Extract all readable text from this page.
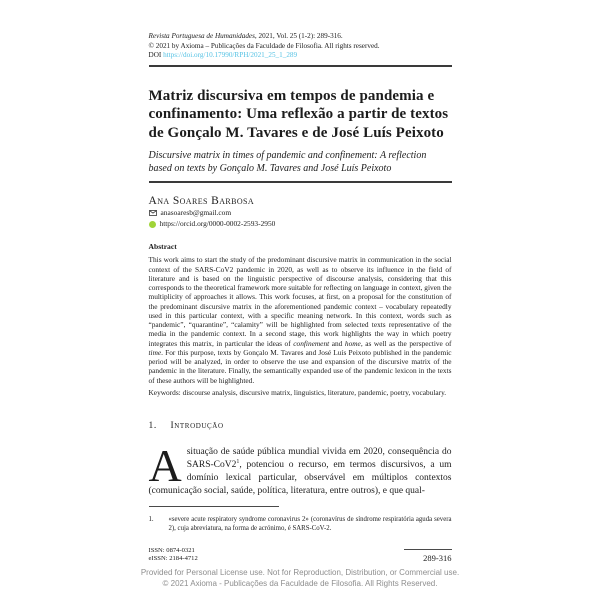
Revista Portuguesa de Humanidades, 2021, Vol. 25 (1-2): 289-316.
© 2021 by Axioma – Publicações da Faculdade de Filosofia. All rights reserved.
DOI https://doi.org/10.17990/RPH/2021_25_1_289
Matriz discursiva em tempos de pandemia e confinamento: Uma reflexão a partir de textos de Gonçalo M. Tavares e de José Luís Peixoto
Discursive matrix in times of pandemic and confinement: A reflection based on texts by Gonçalo M. Tavares and José Luís Peixoto
Ana Soares Barbosa
anasoaresb@gmail.com
https://orcid.org/0000-0002-2593-2950
Abstract

This work aims to start the study of the predominant discursive matrix in communication in the social context of the SARS-CoV2 pandemic in 2020, as well as to observe its influence in the field of literature and is based on the linguistic perspective of discourse analysis, considering that this corresponds to the theoretical framework more suitable for reflecting on language in context, given the multiplicity of approaches it allows. This work focuses, at first, on a proposal for the constitution of the predominant discursive matrix in the aforementioned pandemic context – vocabulary repeatedly used in this particular context, with a specific meaning network. In this context, words such as “pandemic”, “quarantine”, “calamity” will be highlighted from selected texts representative of the media in the pandemic context. In a second stage, this work highlights the way in which poetry integrates this matrix, in particular the ideas of confinement and home, as well as the perspective of time. For this purpose, texts by Gonçalo M. Tavares and José Luís Peixoto published in the pandemic period will be analyzed, in order to observe the use and expansion of the discursive matrix of the pandemic in the literature. Finally, the semantically expanded use of the pandemic lexicon in the texts of these authors will be highlighted.

Keywords: discourse analysis, discursive matrix, linguistics, literature, pandemic, poetry, vocabulary.
1. Introdução

Asituação de saúde pública mundial vivida em 2020, consequência do SARS-$CoV2^1$, potenciou o recurso, em termos discursivos, a um domínio lexical particular, observável em múltiplos contextos (comunicação social, saúde, política, literatura, entre outros), e que qual-

1.	«severe acute respiratory syndrome coronavirus 2» (coronavírus de síndrome respiratória aguda severa 2), cuja abreviatura, na forma de acrónimo, é SARS-CoV-2.
ISSN: 0874-0321
eISSN: 2184-4712	289-316
Provided for Personal License use. Not for Reproduction, Distribution, or Commercial use.
© 2021 Axioma - Publicações da Faculdade de Filosofia. All Rights Reserved.
